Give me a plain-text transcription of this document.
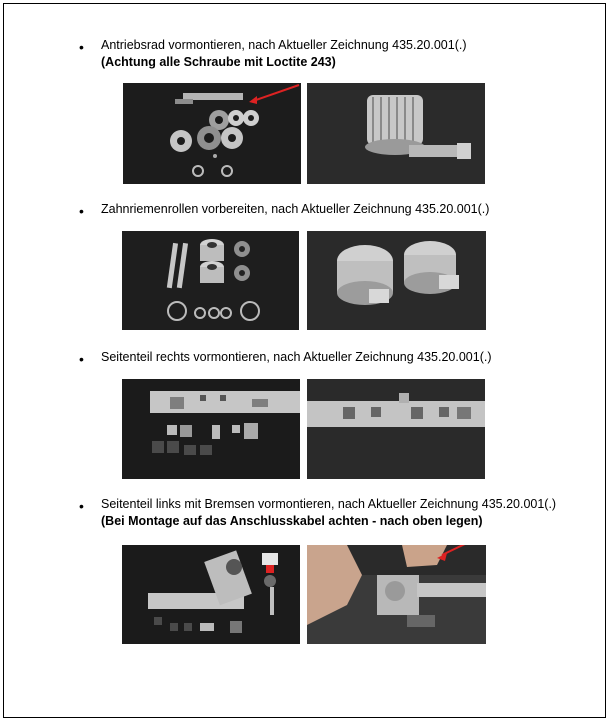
• Antriebsrad vormontieren, nach Aktueller Zeichnung 435.20.001(.)
(Achtung alle Schraube mit Loctite 243)
• Zahnriemenrollen vorbereiten, nach Aktueller Zeichnung 435.20.001(.)
• Seitenteil rechts vormontieren, nach Aktueller Zeichnung 435.20.001(.)
• Seitenteil links mit Bremsen vormontieren, nach Aktueller Zeichnung 435.20.001(.)
(Bei Montage auf das Anschlusskabel achten - nach oben legen)
